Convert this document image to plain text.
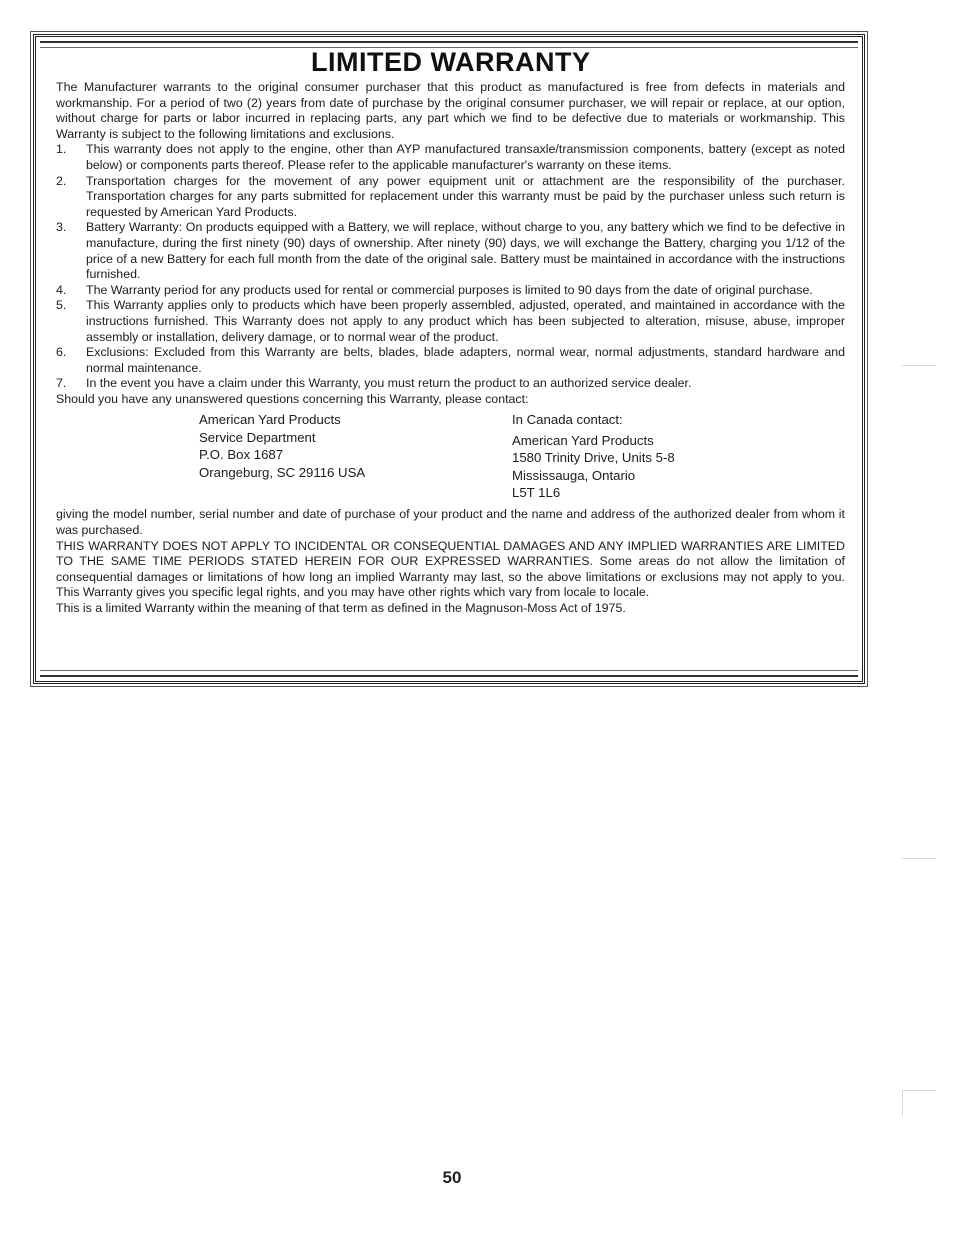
LIMITED WARRANTY

The Manufacturer warrants to the original consumer purchaser that this product as manufactured is free from defects in materials and workmanship. For a period of two (2) years from date of purchase by the original consumer purchaser, we will repair or replace, at our option, without charge for parts or labor incurred in replacing parts, any part which we find to be defective due to materials or workmanship. This Warranty is subject to the following limitations and exclusions.

1. This warranty does not apply to the engine, other than AYP manufactured transaxle/transmission components, battery (except as noted below) or components parts thereof. Please refer to the applicable manufacturer's warranty on these items.
2. Transportation charges for the movement of any power equipment unit or attachment are the responsibility of the purchaser. Transportation charges for any parts submitted for replacement under this warranty must be paid by the purchaser unless such return is requested by American Yard Products.
3. Battery Warranty: On products equipped with a Battery, we will replace, without charge to you, any battery which we find to be defective in manufacture, during the first ninety (90) days of ownership. After ninety (90) days, we will exchange the Battery, charging you 1/12 of the price of a new Battery for each full month from the date of the original sale. Battery must be maintained in accordance with the instructions furnished.
4. The Warranty period for any products used for rental or commercial purposes is limited to 90 days from the date of original purchase.
5. This Warranty applies only to products which have been properly assembled, adjusted, operated, and maintained in accordance with the instructions furnished. This Warranty does not apply to any product which has been subjected to alteration, misuse, abuse, improper assembly or installation, delivery damage, or to normal wear of the product.
6. Exclusions: Excluded from this Warranty are belts, blades, blade adapters, normal wear, normal adjustments, standard hardware and normal maintenance.
7. In the event you have a claim under this Warranty, you must return the product to an authorized service dealer.

Should you have any unanswered questions concerning this Warranty, please contact:

American Yard Products
Service Department
P.O. Box 1687
Orangeburg, SC 29116 USA
In Canada contact:
American Yard Products
1580 Trinity Drive, Units 5-8
Mississauga, Ontario
L5T 1L6

giving the model number, serial number and date of purchase of your product and the name and address of the authorized dealer from whom it was purchased.

THIS WARRANTY DOES NOT APPLY TO INCIDENTAL OR CONSEQUENTIAL DAMAGES AND ANY IMPLIED WARRANTIES ARE LIMITED TO THE SAME TIME PERIODS STATED HEREIN FOR OUR EXPRESSED WARRANTIES. Some areas do not allow the limitation of consequential damages or limitations of how long an implied Warranty may last, so the above limitations or exclusions may not apply to you. This Warranty gives you specific legal rights, and you may have other rights which vary from locale to locale.

This is a limited Warranty within the meaning of that term as defined in the Magnuson-Moss Act of 1975.

50
